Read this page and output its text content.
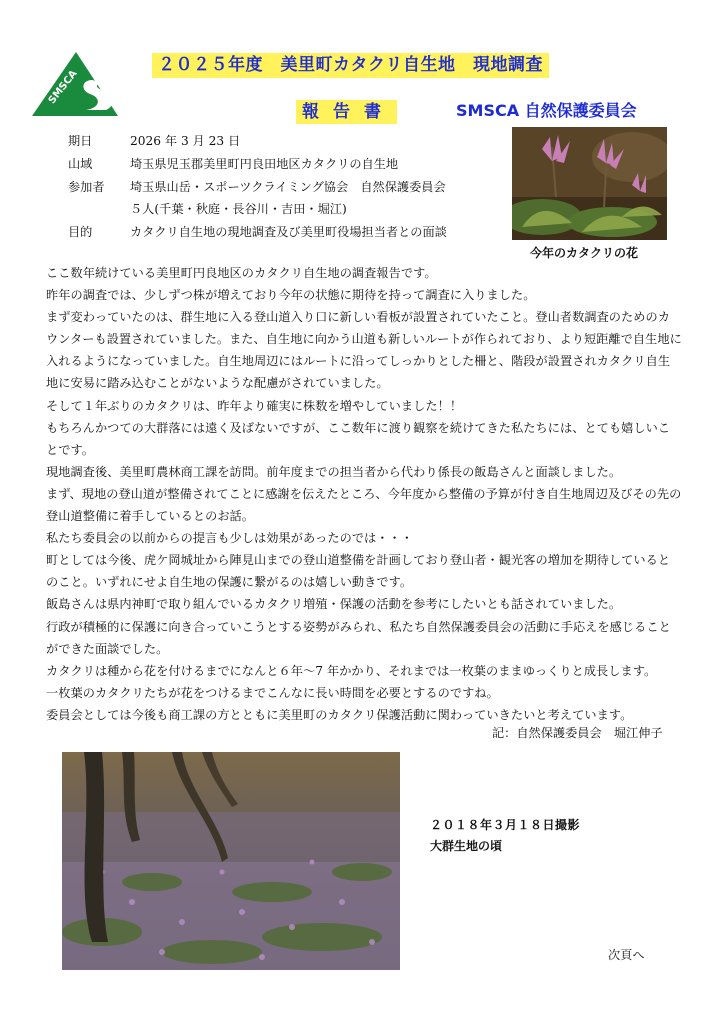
SMSCA
２０２５年度　美里町カタクリ自生地　現地調査
報告書	SMSCA 自然保護委員会
期日	2026 年 3 月 23 日
山域	埼玉県児玉郡美里町円良田地区カタクリの自生地
参加者 埼玉県山岳・スポーツクライミング協会　自然保護委員会
５人(千葉・秋庭・長谷川・吉田・堀江)
目的	カタクリ自生地の現地調査及び美里町役場担当者との面談
今年のカタクリの花

ここ数年続けている美里町円良地区のカタクリ自生地の調査報告です。

昨年の調査では、少しずつ株が増えており今年の状態に期待を持って調査に入りました。

まず変わっていたのは、群生地に入る登山道入り口に新しい看板が設置されていたこと。登山者数調査のためのカウンターも設置されていました。また、自生地に向かう山道も新しいルートが作られており、より短距離で自生地に入れるようになっていました。自生地周辺にはルートに沿ってしっかりとした柵と、階段が設置されカタクリ自生地に安易に踏み込むことがないような配慮がされていました。

そして１年ぶりのカタクリは、昨年より確実に株数を増やしていました！！

もちろんかつての大群落には遠く及ばないですが、ここ数年に渡り観察を続けてきた私たちには、とても嬉しいことです。

現地調査後、美里町農林商工課を訪問。前年度までの担当者から代わり係長の飯島さんと面談しました。

まず、現地の登山道が整備されてことに感謝を伝えたところ、今年度から整備の予算が付き自生地周辺及びその先の登山道整備に着手しているとのお話。

私たち委員会の以前からの提言も少しは効果があったのでは・・・

町としては今後、虎ケ岡城址から陣見山までの登山道整備を計画しており登山者・観光客の増加を期待しているとのこと。いずれにせよ自生地の保護に繋がるのは嬉しい動きです。

飯島さんは県内神町で取り組んでいるカタクリ増殖・保護の活動を参考にしたいとも話されていました。

行政が積極的に保護に向き合っていこうとする姿勢がみられ、私たち自然保護委員会の活動に手応えを感じることができた面談でした。

カタクリは種から花を付けるまでになんと６年〜7 年かかり、それまでは一枚葉のままゆっくりと成長します。

一枚葉のカタクリたちが花をつけるまでこんなに長い時間を必要とするのですね。

委員会としては今後も商工課の方とともに美里町のカタクリ保護活動に関わっていきたいと考えています。

記：自然保護委員会　堀江伸子
２０１８年３月１８日撮影
大群生地の頃
次頁へ
